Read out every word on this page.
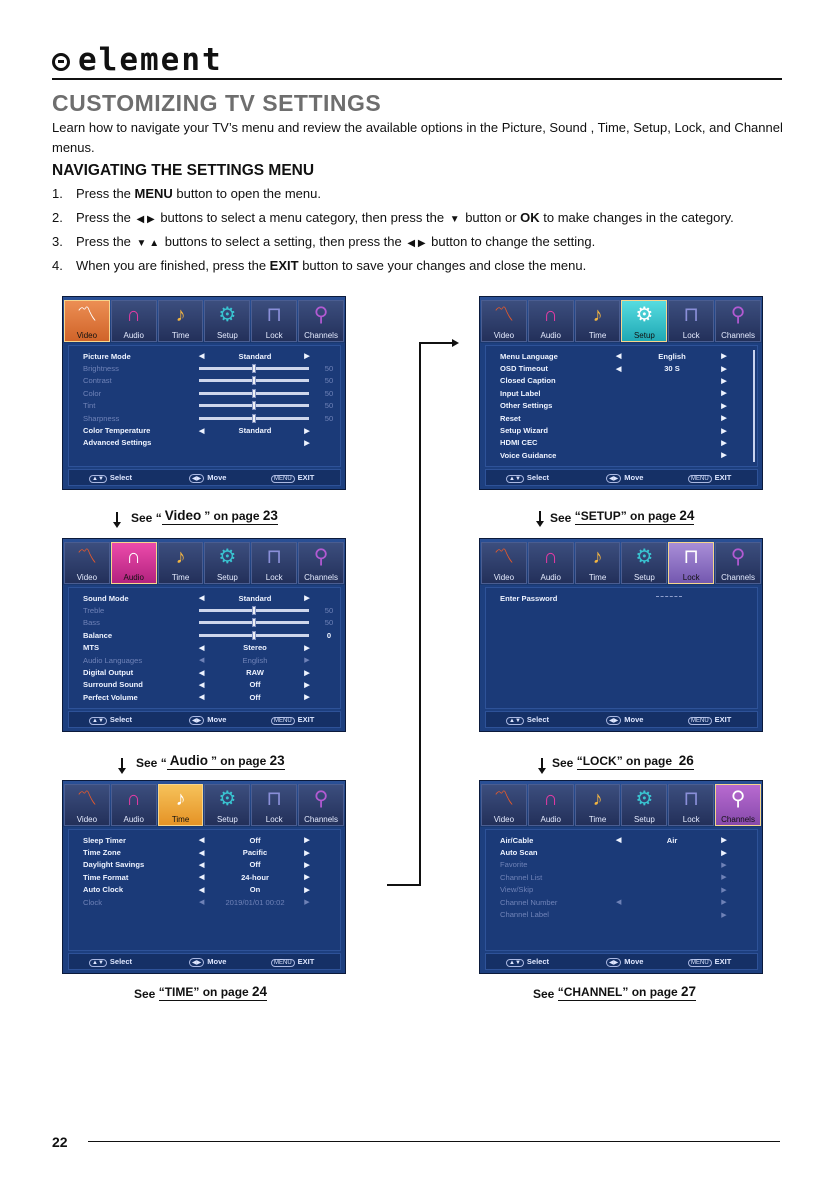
element
CUSTOMIZING TV SETTINGS

Learn how to navigate your TV’s menu and review the available options in the Picture, Sound , Time, Setup, Lock, and Channel menus.

NAVIGATING THE SETTINGS MENU
1.	Press the MENU button to open the menu.
2.	Press the ◀ ▶ buttons to select a menu category, then press the ▼ button or OK to make changes in the category.
3.	Press the ▼ ▲ buttons to select a setting, then press the ◀ ▶ button to change the setting.
4.	When you are finished, press the EXIT button to save your changes and close the menu.
〽
Video
∩
Audio
♪
Time
⚙
Setup
⊓
Lock
⚲
Channels
Picture Mode	◀	Standard	▶
Brightness	50
Contrast	50
Color	50
Tint	50
Sharpness	50
Color Temperature	◀	Standard	▶
Advanced Settings	▶
▲▼ Select	◀▶ Move	MENU EXIT
〽
Video
∩
Audio
♪
Time
⚙
Setup
⊓
Lock
⚲
Channels
Menu Language	◀	English	▶
OSD Timeout	◀	30 S	▶
Closed Caption	▶
Input Label	▶
Other Settings	▶
Reset	▶
Setup Wizard	▶
HDMI CEC	▶
Voice Guidance	▶
▲▼ Select	◀▶ Move	MENU EXIT
See
“ Video ” on page
23	See
“SETUP” on page
24
〽
Video
∩
Audio
♪
Time
⚙
Setup
⊓
Lock
⚲
Channels
Sound Mode	◀	Standard	▶
Treble	50
Bass	50
Balance	0
MTS	◀	Stereo	▶
Audio Languages	◀	English	▶
Digital Output	◀	RAW	▶
Surround Sound	◀	Off	▶
Perfect Volume	◀	Off	▶
▲▼ Select	◀▶ Move	MENU EXIT
〽
Video
∩
Audio
♪
Time
⚙
Setup
⊓
Lock
⚲
Channels
Enter Password
▲▼ Select	◀▶ Move	MENU EXIT
See
“ Audio ” on page
23	See
“LOCK” on page
26
〽
Video
∩
Audio
♪
Time
⚙
Setup
⊓
Lock
⚲
Channels
Sleep Timer	◀	Off	▶
Time Zone	◀	Pacific	▶
Daylight Savings	◀	Off	▶
Time Format	◀	24-hour	▶
Auto Clock	◀	On	▶
Clock	◀	2019/01/01 00:02	▶
▲▼ Select	◀▶ Move	MENU EXIT
〽
Video
∩
Audio
♪
Time
⚙
Setup
⊓
Lock
⚲
Channels
Air/Cable	◀	Air	▶
Auto Scan	▶
Favorite	▶
Channel List	▶
View/Skip	▶
Channel Number	◀	▶
Channel Label	▶
▲▼ Select	◀▶ Move	MENU EXIT
See
“TIME” on page
24	See
“CHANNEL” on page
27
22
